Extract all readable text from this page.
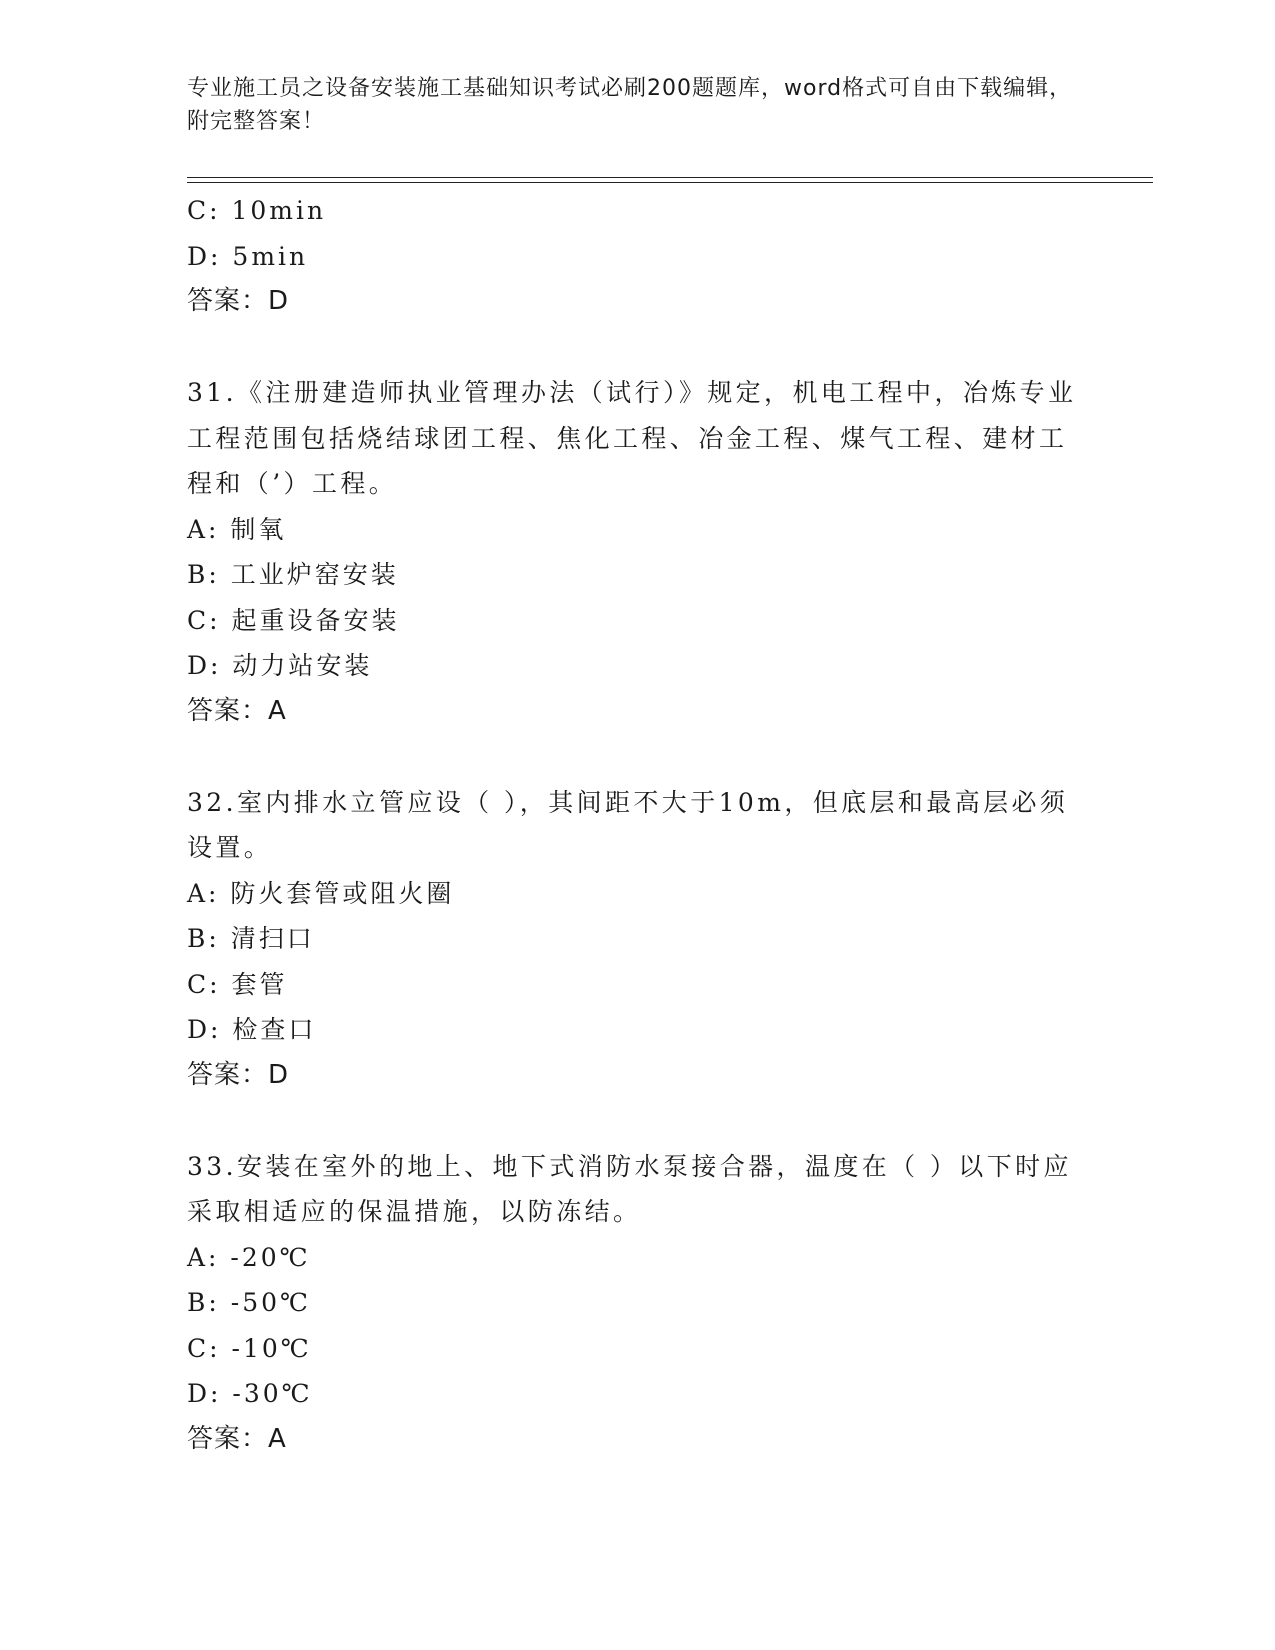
专业施工员之设备安装施工基础知识考试必刷200题题库，word格式可自由下载编辑，附完整答案！
C: 10min
D: 5min
答案：D
31.《注册建造师执业管理办法（试行）》规定，机电工程中，冶炼专业工程范围包括烧结球团工程、焦化工程、冶金工程、煤气工程、建材工程和（’）工程。
A: 制氧
B: 工业炉窑安装
C: 起重设备安装
D: 动力站安装
答案：A
32.室内排水立管应设（ ），其间距不大于10m，但底层和最高层必须设置。
A: 防火套管或阻火圈
B: 清扫口
C: 套管
D: 检查口
答案：D
33.安装在室外的地上、地下式消防水泵接合器，温度在（ ）以下时应采取相适应的保温措施，以防冻结。
A: -20℃
B: -50℃
C: -10℃
D: -30℃
答案：A
